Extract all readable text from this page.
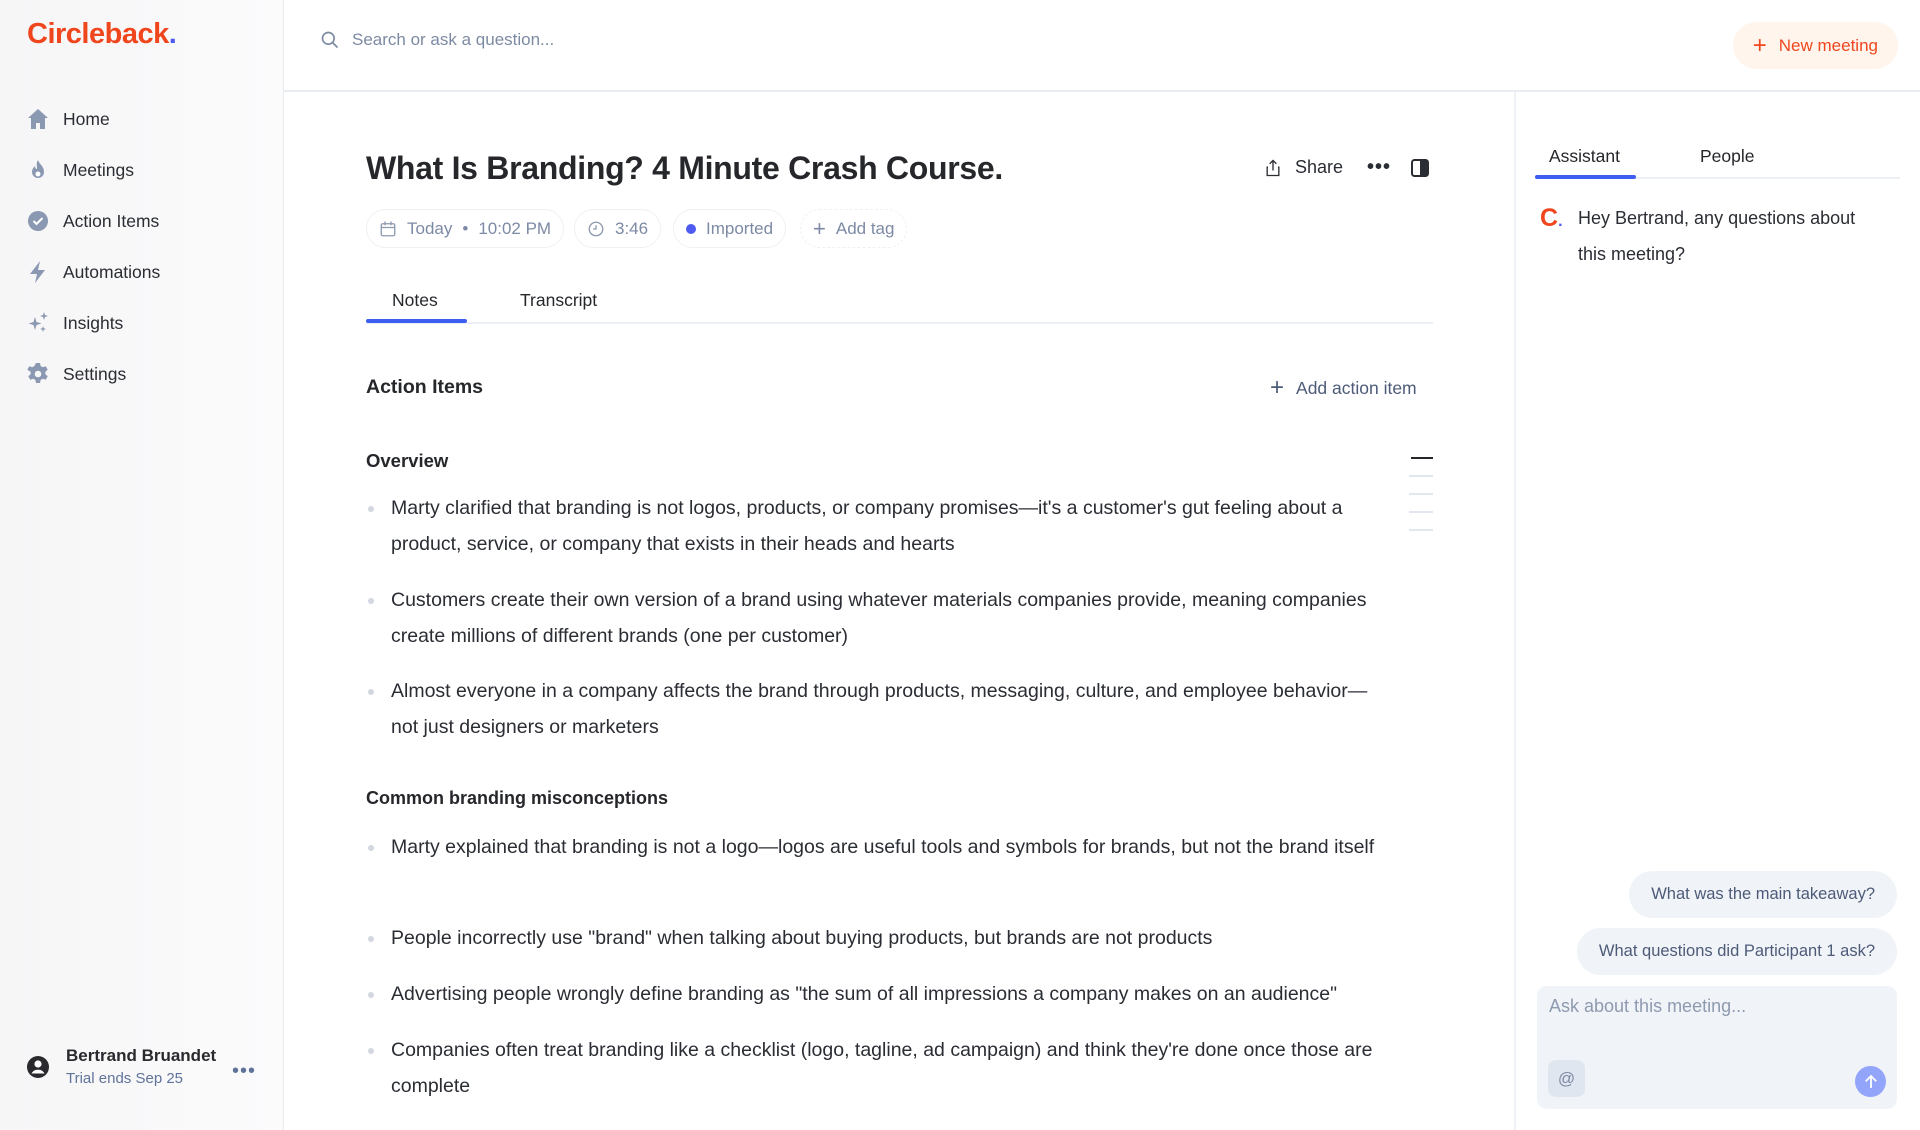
Circleback.
Home
Meetings
Action Items
Automations
Insights
Settings
Bertrand Bruandet
Trial ends Sep 25	•••
Search or ask a question...	+ New meeting
What Is Branding? 4 Minute Crash Course.	Share •••
Today • 10:02 PM	3:46	Imported + Add tag
Notes	Transcript
Action Items	+ Add action item
Overview
Marty clarified that branding is not logos, products, or company promises—it's a customer's gut feeling about a product, service, or company that exists in their heads and hearts
Customers create their own version of a brand using whatever materials companies provide, meaning companies create millions of different brands (one per customer)
Almost everyone in a company affects the brand through products, messaging, culture, and employee behavior—not just designers or marketers
Common branding misconceptions
Marty explained that branding is not a logo—logos are useful tools and symbols for brands, but not the brand itself
People incorrectly use "brand" when talking about buying products, but brands are not products
Advertising people wrongly define branding as "the sum of all impressions a company makes on an audience"
Companies often treat branding like a checklist (logo, tagline, ad campaign) and think they're done once those are complete
Assistant	People
C. Hey Bertrand, any questions about this meeting?
What was the main takeaway?
What questions did Participant 1 ask?
Ask about this meeting...
@
